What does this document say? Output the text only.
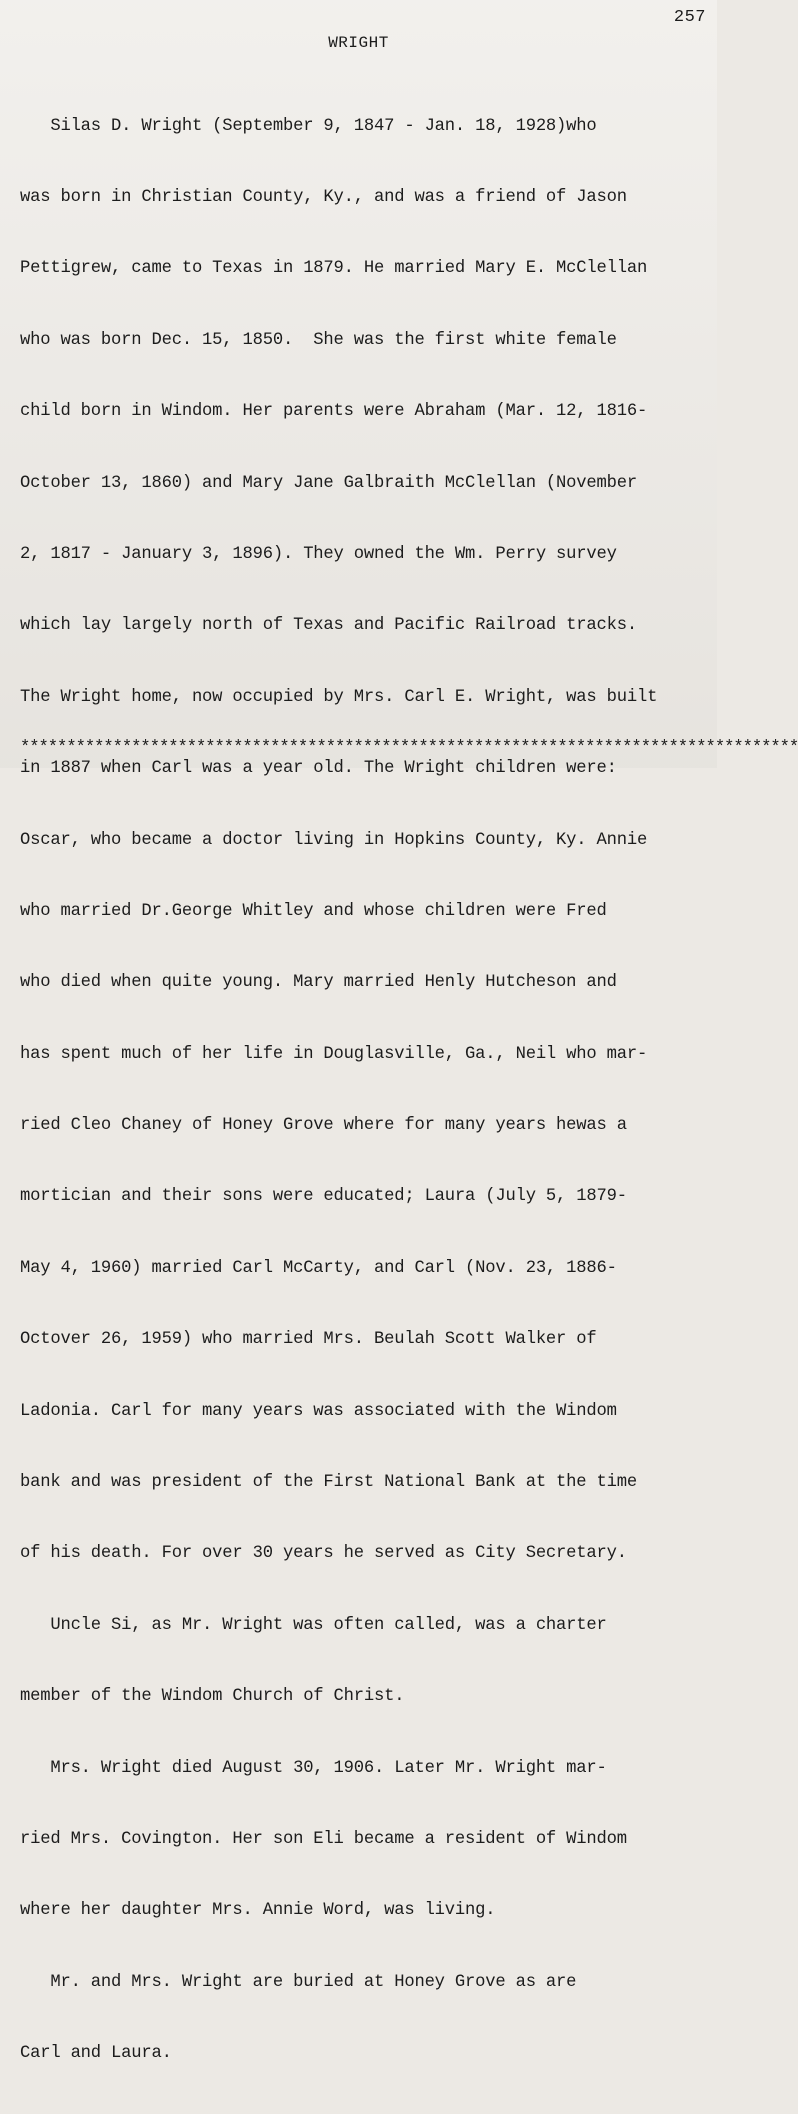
257
WRIGHT

Silas D. Wright (September 9, 1847 - Jan. 18, 1928)who

was born in Christian County, Ky., and was a friend of Jason

Pettigrew, came to Texas in 1879. He married Mary E. McClellan

who was born Dec. 15, 1850.  She was the first white female

child born in Windom. Her parents were Abraham (Mar. 12, 1816-

October 13, 1860) and Mary Jane Galbraith McClellan (November

2, 1817 - January 3, 1896). They owned the Wm. Perry survey

which lay largely north of Texas and Pacific Railroad tracks.

The Wright home, now occupied by Mrs. Carl E. Wright, was built

in 1887 when Carl was a year old. The Wright children were:

Oscar, who became a doctor living in Hopkins County, Ky. Annie

who married Dr.George Whitley and whose children were Fred

who died when quite young. Mary married Henly Hutcheson and

has spent much of her life in Douglasville, Ga., Neil who mar-

ried Cleo Chaney of Honey Grove where for many years hewas a

mortician and their sons were educated; Laura (July 5, 1879-

May 4, 1960) married Carl McCarty, and Carl (Nov. 23, 1886-

Octover 26, 1959) who married Mrs. Beulah Scott Walker of

Ladonia. Carl for many years was associated with the Windom

bank and was president of the First National Bank at the time

of his death. For over 30 years he served as City Secretary.

Uncle Si, as Mr. Wright was often called, was a charter

member of the Windom Church of Christ.

Mrs. Wright died August 30, 1906. Later Mr. Wright mar-

ried Mrs. Covington. Her son Eli became a resident of Windom

where her daughter Mrs. Annie Word, was living.

Mr. and Mrs. Wright are buried at Honey Grove as are

Carl and Laura.

************************************************************************************
